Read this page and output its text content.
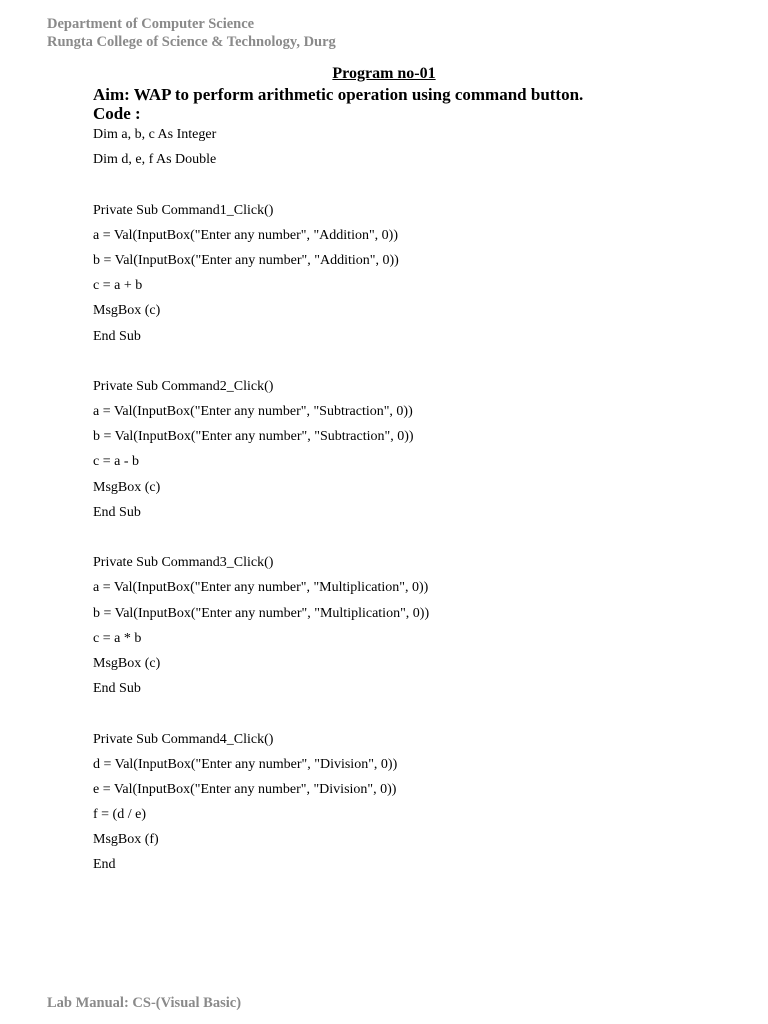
Department of Computer Science
Rungta College of Science & Technology, Durg
Program no-01
Aim: WAP to perform arithmetic operation using command button.
Code :
Dim a, b, c As Integer
Dim d, e, f As Double
Private Sub Command1_Click()
a = Val(InputBox("Enter any number", "Addition", 0))
b = Val(InputBox("Enter any number", "Addition", 0))
c = a + b
MsgBox (c)
End Sub
Private Sub Command2_Click()
a = Val(InputBox("Enter any number", "Subtraction", 0))
b = Val(InputBox("Enter any number", "Subtraction", 0))
c = a - b
MsgBox (c)
End Sub
Private Sub Command3_Click()
a = Val(InputBox("Enter any number", "Multiplication", 0))
b = Val(InputBox("Enter any number", "Multiplication", 0))
c = a * b
MsgBox (c)
End Sub
Private Sub Command4_Click()
d = Val(InputBox("Enter any number", "Division", 0))
e = Val(InputBox("Enter any number", "Division", 0))
f = (d / e)
MsgBox (f)
End
Lab Manual: CS-(Visual Basic)
